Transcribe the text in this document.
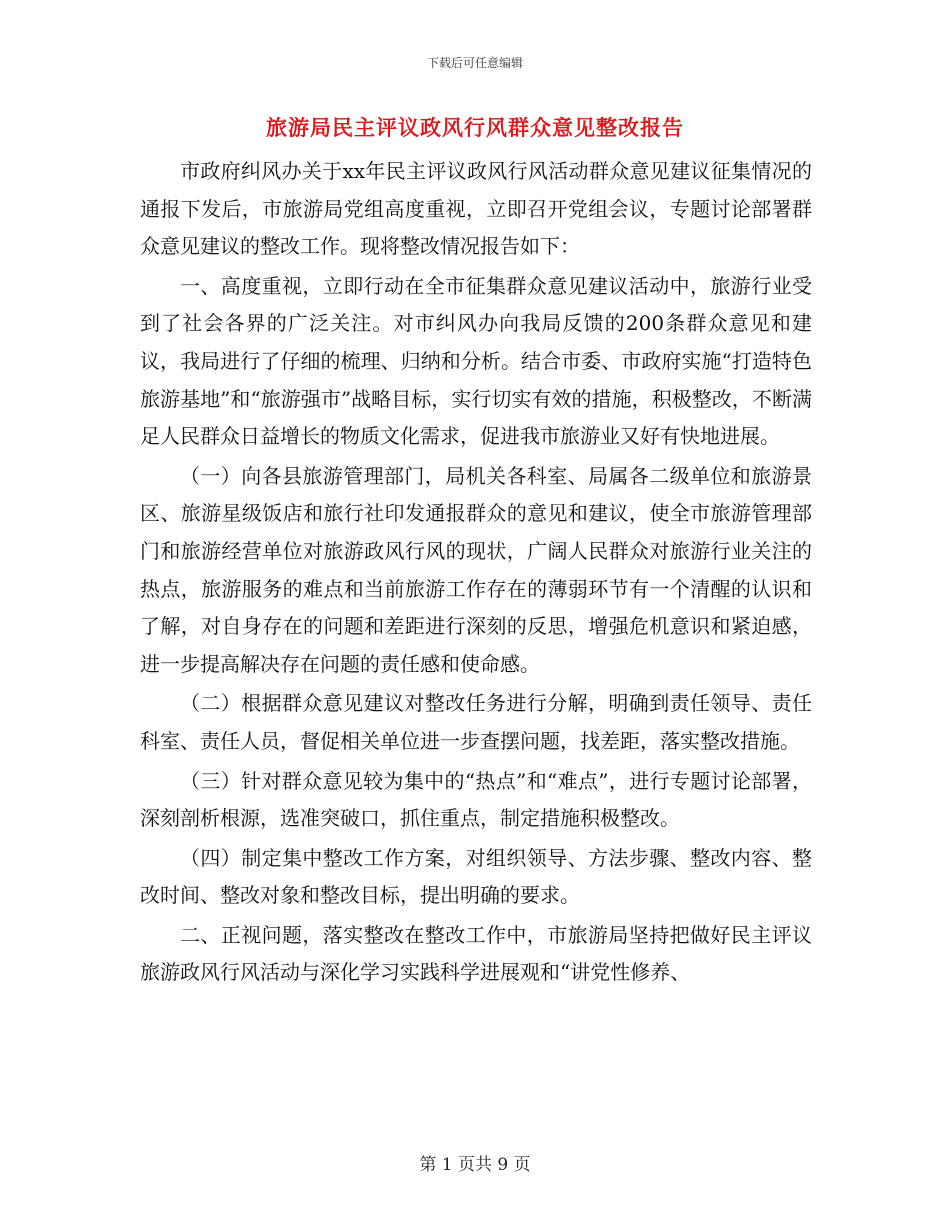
下载后可任意编辑
旅游局民主评议政风行风群众意见整改报告

市政府纠风办关于xx年民主评议政风行风活动群众意见建议征集情况的通报下发后，市旅游局党组高度重视，立即召开党组会议，专题讨论部署群众意见建议的整改工作。现将整改情况报告如下：

一、高度重视，立即行动在全市征集群众意见建议活动中，旅游行业受到了社会各界的广泛关注。对市纠风办向我局反馈的200条群众意见和建议，我局进行了仔细的梳理、归纳和分析。结合市委、市政府实施“打造特色旅游基地”和“旅游强市”战略目标，实行切实有效的措施，积极整改，不断满足人民群众日益增长的物质文化需求，促进我市旅游业又好有快地进展。

（一）向各县旅游管理部门，局机关各科室、局属各二级单位和旅游景区、旅游星级饭店和旅行社印发通报群众的意见和建议，使全市旅游管理部门和旅游经营单位对旅游政风行风的现状，广阔人民群众对旅游行业关注的热点，旅游服务的难点和当前旅游工作存在的薄弱环节有一个清醒的认识和了解，对自身存在的问题和差距进行深刻的反思，增强危机意识和紧迫感，进一步提高解决存在问题的责任感和使命感。

（二）根据群众意见建议对整改任务进行分解，明确到责任领导、责任科室、责任人员，督促相关单位进一步查摆问题，找差距，落实整改措施。

（三）针对群众意见较为集中的“热点”和“难点”，进行专题讨论部署，深刻剖析根源，选准突破口，抓住重点，制定措施积极整改。

（四）制定集中整改工作方案，对组织领导、方法步骤、整改内容、整改时间、整改对象和整改目标，提出明确的要求。

二、正视问题，落实整改在整改工作中，市旅游局坚持把做好民主评议旅游政风行风活动与深化学习实践科学进展观和“讲党性修养、

第 1 页共 9 页
